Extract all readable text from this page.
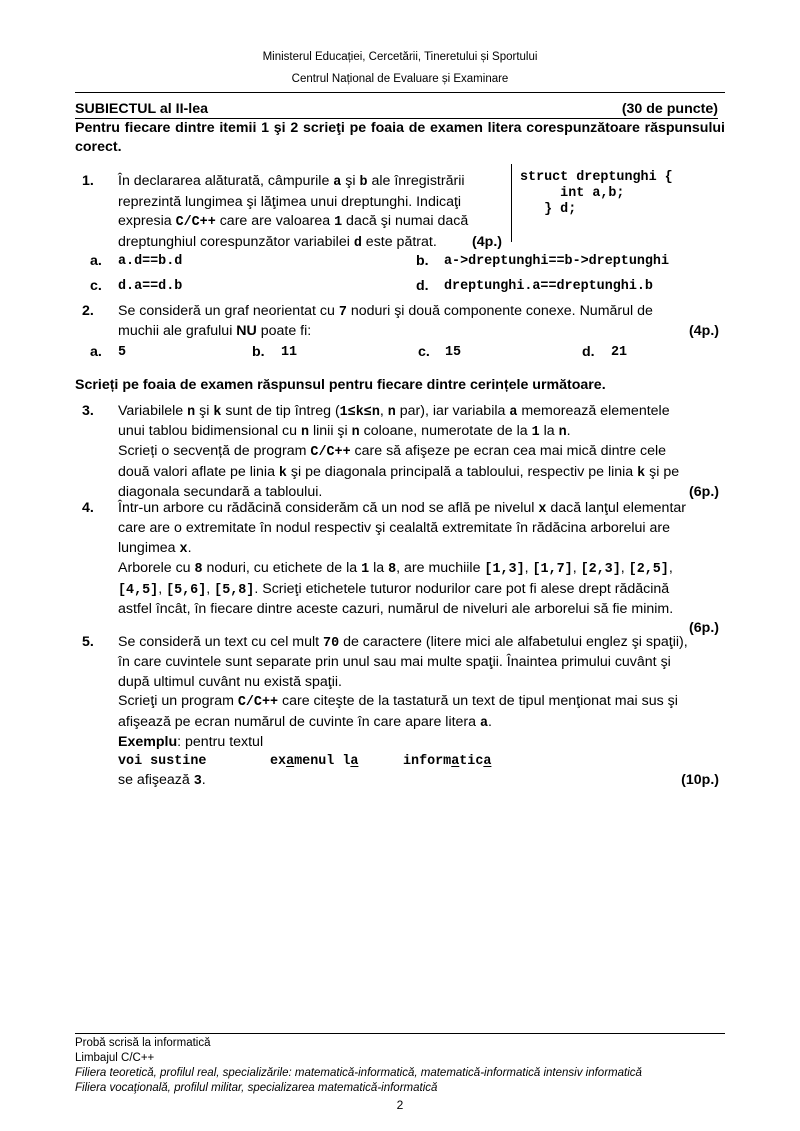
Ministerul Educației, Cercetării, Tineretului și Sportului
Centrul Național de Evaluare și Examinare
SUBIECTUL al II-lea	(30 de puncte)
Pentru fiecare dintre itemii 1 şi 2 scrieţi pe foaia de examen litera corespunzătoare răspunsului corect.
1. În declararea alăturată, câmpurile a şi b ale înregistrării
reprezintă lungimea şi lăţimea unui dreptunghi. Indicaţi
expresia C/C++ care are valoarea 1 dacă şi numai dacă
dreptunghiul corespunzător variabilei d este pătrat. (4p.)
struct dreptunghi {
int a,b;
} d;
a. a.d==b.d	b. a->dreptunghi==b->dreptunghi
c. d.a==d.b	d. dreptunghi.a==dreptunghi.b
2. Se consideră un graf neorientat cu 7 noduri şi două componente conexe. Numărul de
muchii ale grafului NU poate fi:	(4p.)
a. 5	b. 11	c. 15	d. 21
Scrieți pe foaia de examen răspunsul pentru fiecare dintre cerințele următoare.
3. Variabilele n şi k sunt de tip întreg (1≤k≤n, n par), iar variabila a memorează elementele
unui tablou bidimensional cu n linii şi n coloane, numerotate de la 1 la n.
Scrieți o secvență de program C/C++ care să afişeze pe ecran cea mai mică dintre cele
două valori aflate pe linia k şi pe diagonala principală a tabloului, respectiv pe linia k şi pe
diagonala secundară a tabloului.	(6p.)
4. Într-un arbore cu rădăcină considerăm că un nod se află pe nivelul x dacă lanţul elementar
care are o extremitate în nodul respectiv şi cealaltă extremitate în rădăcina arborelui are
lungimea x.
Arborele cu 8 noduri, cu etichete de la 1 la 8, are muchiile [1,3], [1,7], [2,3], [2,5],
[4,5], [5,6], [5,8]. Scrieţi etichetele tuturor nodurilor care pot fi alese drept rădăcină
astfel încât, în fiecare dintre aceste cazuri, numărul de niveluri ale arborelui să fie minim.
(6p.)
5. Se consideră un text cu cel mult 70 de caractere (litere mici ale alfabetului englez şi spaţii),
în care cuvintele sunt separate prin unul sau mai multe spaţii. Înaintea primului cuvânt şi
după ultimul cuvânt nu există spaţii.
Scrieţi un program C/C++ care citeşte de la tastatură un text de tipul menţionat mai sus şi
afişează pe ecran numărul de cuvinte în care apare litera a.
Exemplu: pentru textul
voi sustine	examenul la	informatica
se afişează 3.	(10p.)
Probă scrisă la informatică
Limbajul C/C++
Filiera teoretică, profilul real, specializările: matematică-informatică, matematică-informatică intensiv informatică
Filiera vocaţională, profilul militar, specializarea matematică-informatică
2
